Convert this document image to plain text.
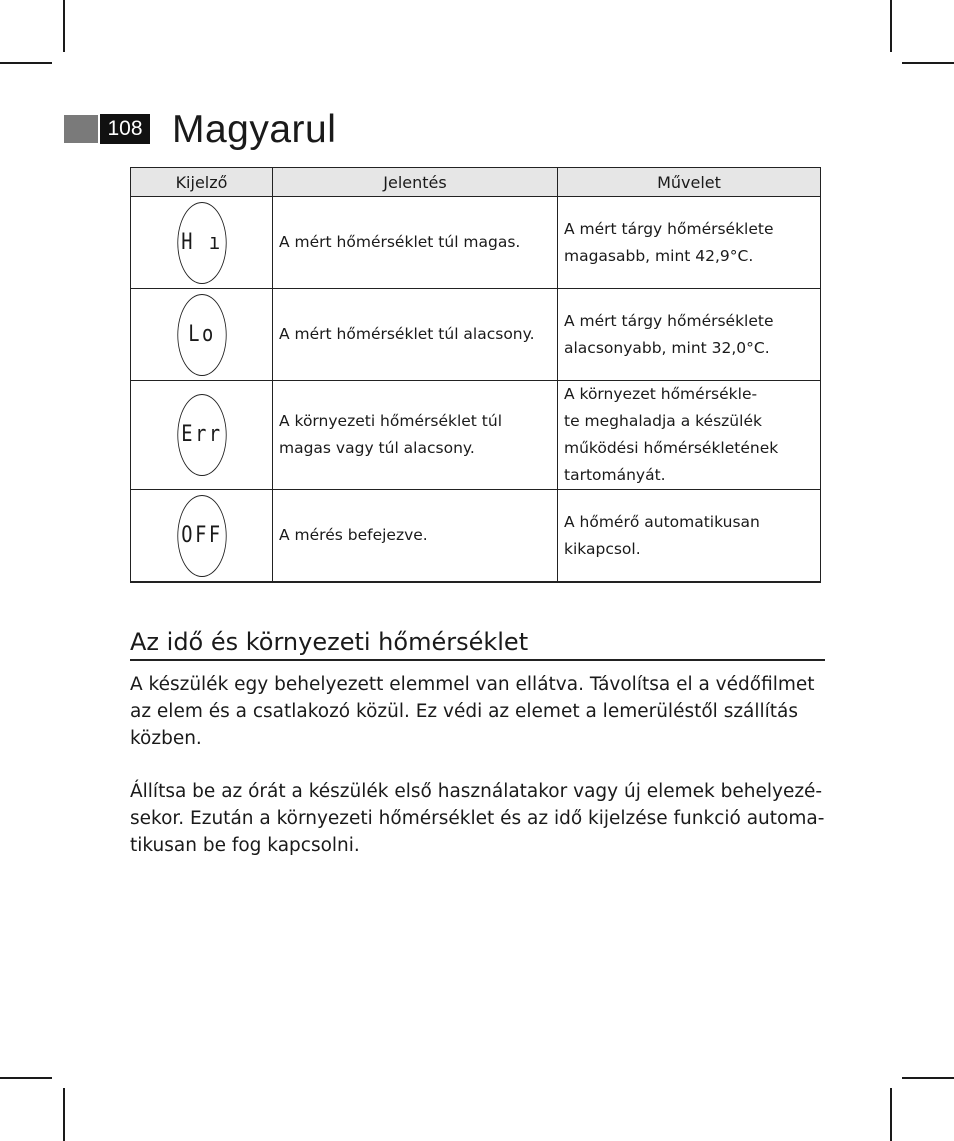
108 Magyarul
Kijelző	Jelentés	Művelet
H ı	A mért hőmérséklet túl magas.	A mért tárgy hőmérséklete
magasabb, mint 42,9°C.
Lo	A mért hőmérséklet túl alacsony.	A mért tárgy hőmérséklete
alacsonyabb, mint 32,0°C.
Err	A környezeti hőmérséklet túl
magas vagy túl alacsony.	A környezet hőmérsékle-
te meghaladja a készülék
működési hőmérsékletének
tartományát.
OFF	A mérés befejezve.	A hőmérő automatikusan
kikapcsol.
Az idő és környezeti hőmérséklet

A készülék egy behelyezett elemmel van ellátva. Távolítsa el a védőfilmet
az elem és a csatlakozó közül. Ez védi az elemet a lemerüléstől szállítás
közben.

Állítsa be az órát a készülék első használatakor vagy új elemek behelyezé-
sekor. Ezután a környezeti hőmérséklet és az idő kijelzése funkció automa-
tikusan be fog kapcsolni.
